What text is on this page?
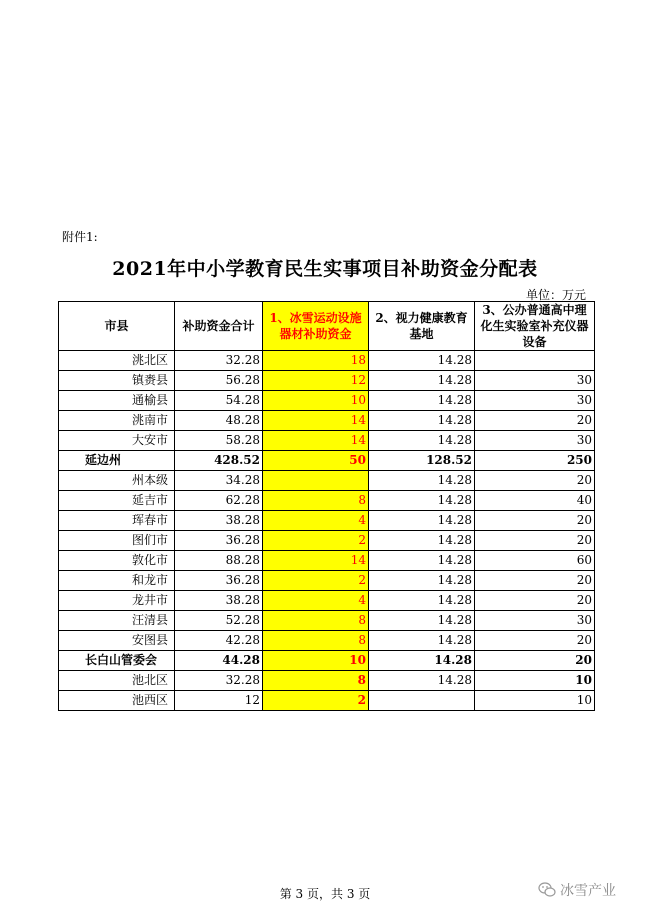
附件1:
2021年中小学教育民生实事项目补助资金分配表
单位：万元
市县	补助资金合计	1、冰雪运动设施器材补助资金	2、视力健康教育基地	3、公办普通高中理化生实验室补充仪器设备
洮北区	32.28	18	14.28	
镇赉县	56.28	12	14.28	30
通榆县	54.28	10	14.28	30
洮南市	48.28	14	14.28	20
大安市	58.28	14	14.28	30
延边州	428.52	50	128.52	250
州本级	34.28		14.28	20
延吉市	62.28	8	14.28	40
珲春市	38.28	4	14.28	20
图们市	36.28	2	14.28	20
敦化市	88.28	14	14.28	60
和龙市	36.28	2	14.28	20
龙井市	38.28	4	14.28	20
汪清县	52.28	8	14.28	30
安图县	42.28	8	14.28	20
长白山管委会	44.28	10	14.28	20
池北区	32.28	8	14.28	10
池西区	12	2		10
第 3 页，共 3 页	冰雪产业
